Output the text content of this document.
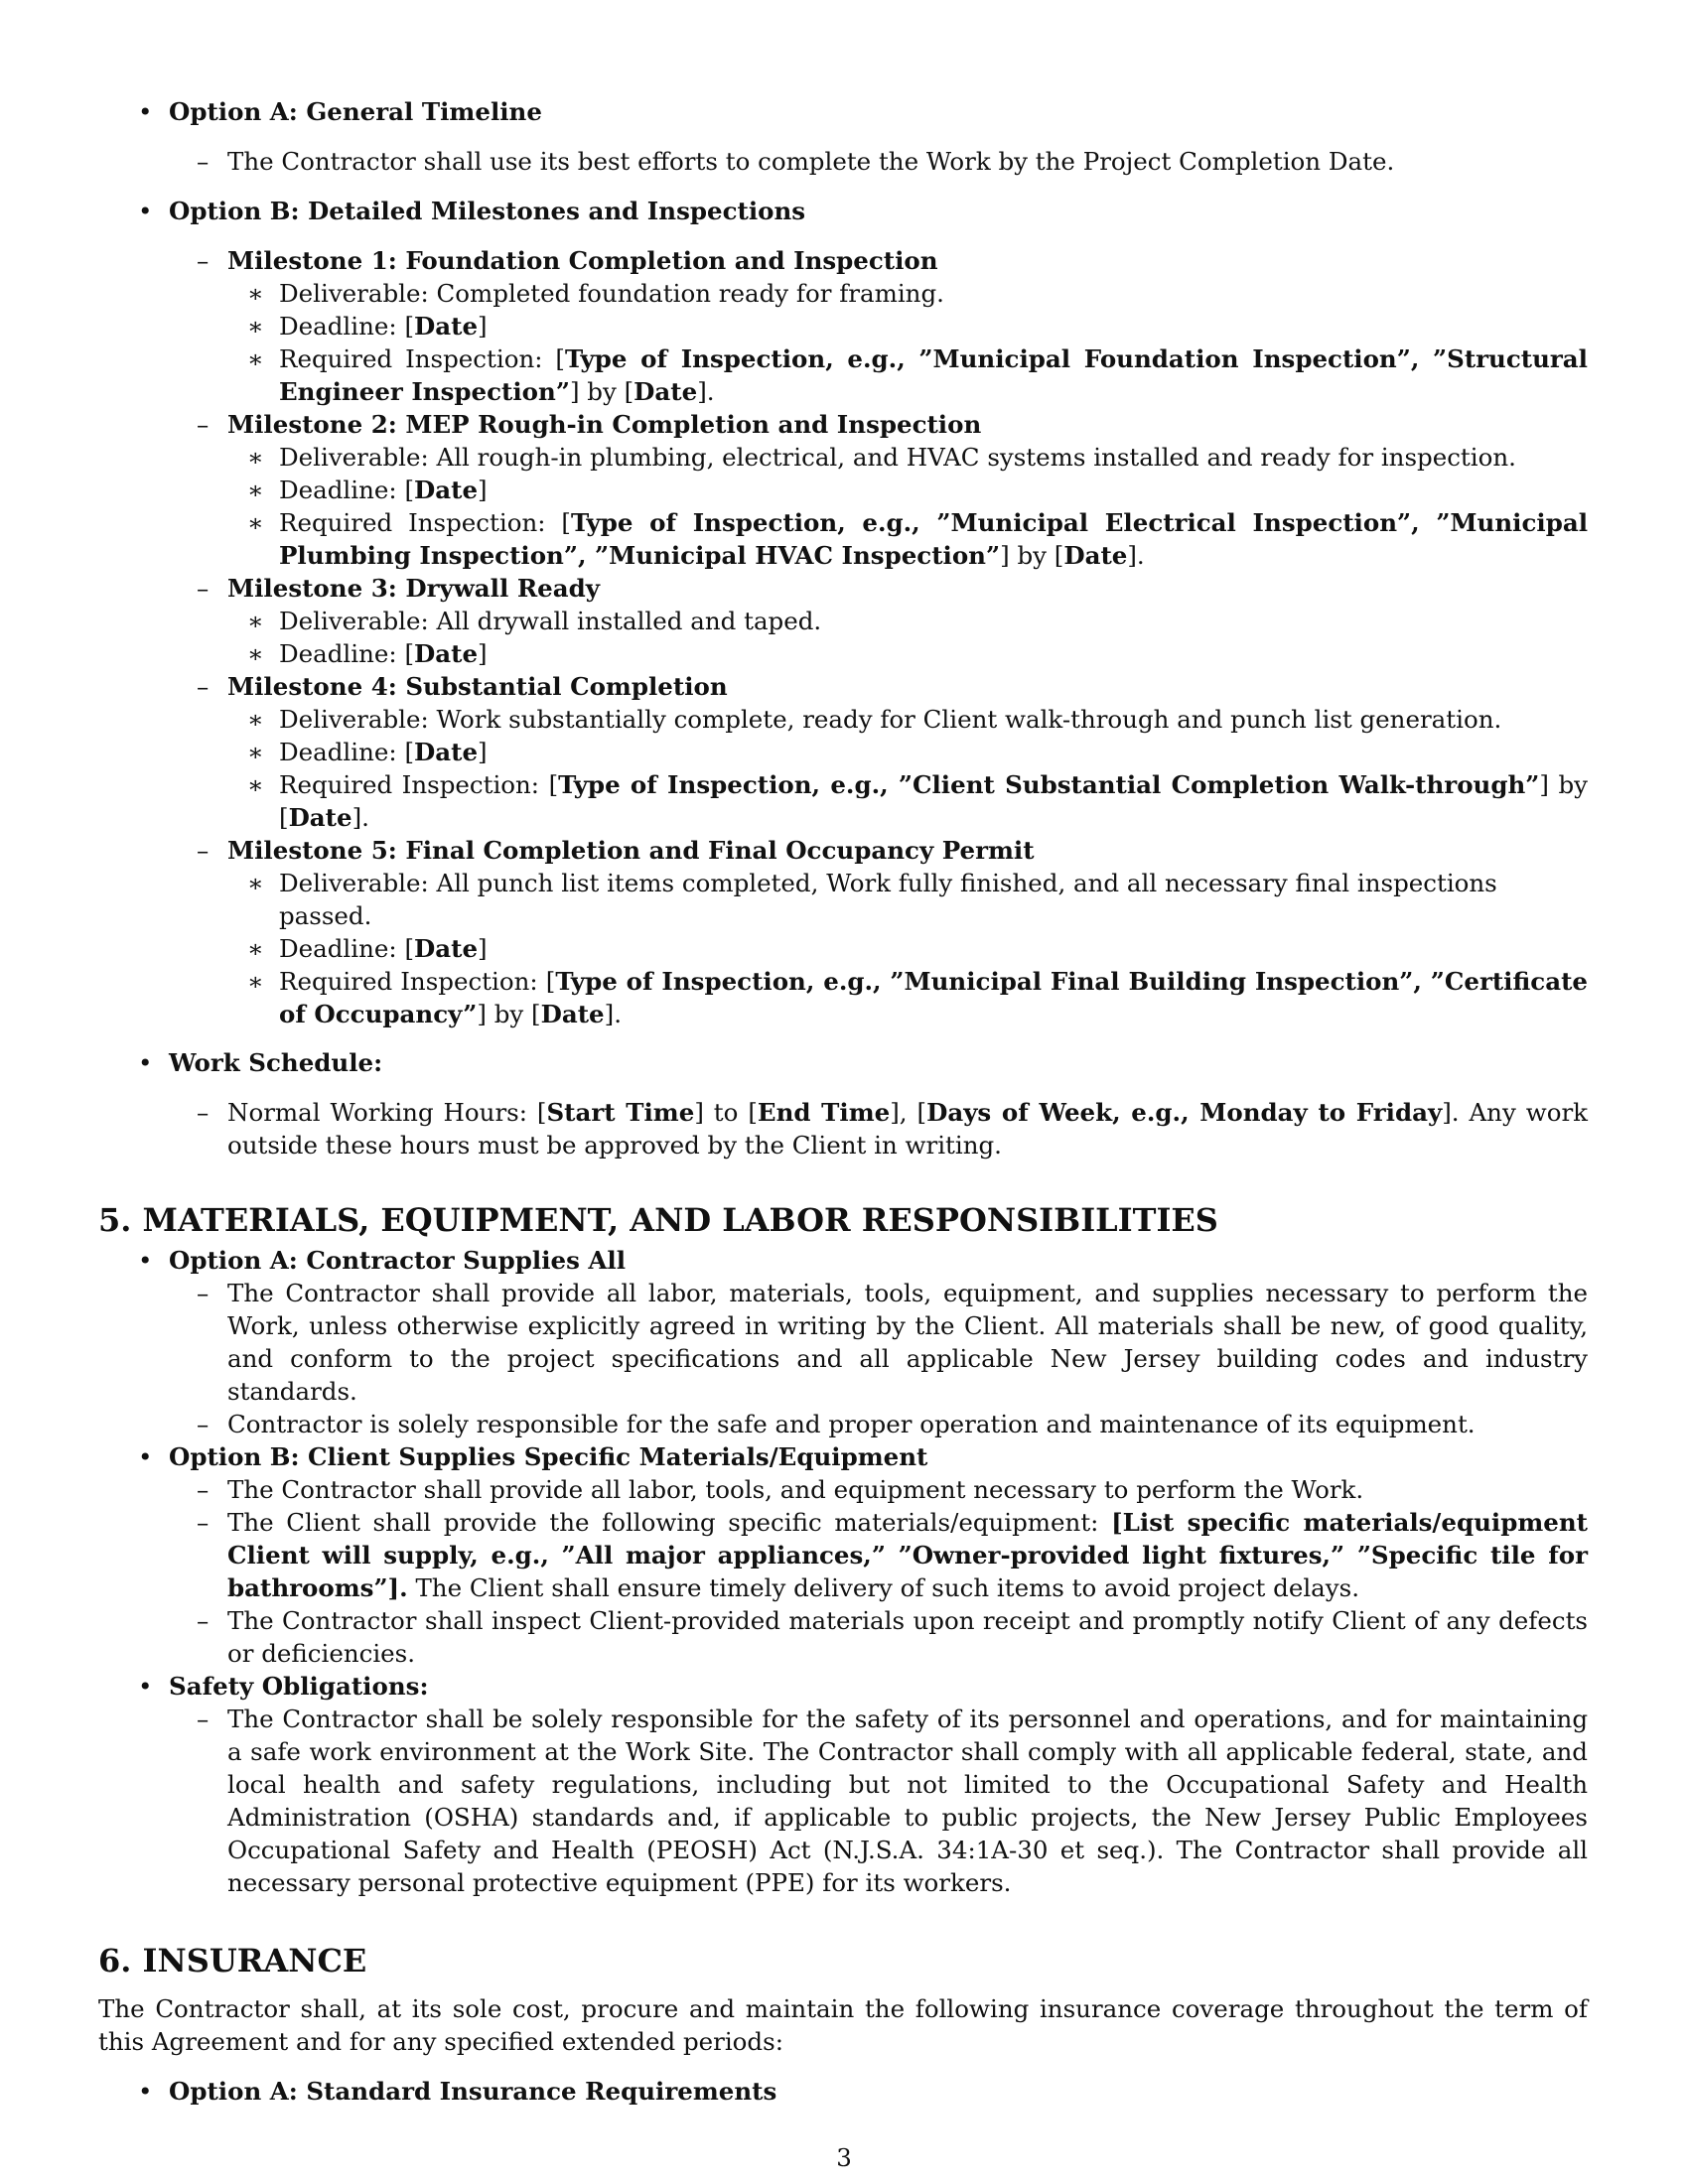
• Option A: General Timeline
– The Contractor shall use its best efforts to complete the Work by the Project Completion Date.
• Option B: Detailed Milestones and Inspections
– Milestone 1: Foundation Completion and Inspection
∗ Deliverable: Completed foundation ready for framing.
∗ Deadline: [Date]
∗ Required Inspection: [Type of Inspection, e.g., ”Municipal Foundation Inspection”, ”Structural Engineer Inspection”] by [Date].
– Milestone 2: MEP Rough-in Completion and Inspection
∗ Deliverable: All rough-in plumbing, electrical, and HVAC systems installed and ready for inspection.
∗ Deadline: [Date]
∗ Required Inspection: [Type of Inspection, e.g., ”Municipal Electrical Inspection”, ”Municipal Plumbing Inspection”, ”Municipal HVAC Inspection”] by [Date].
– Milestone 3: Drywall Ready
∗ Deliverable: All drywall installed and taped.
∗ Deadline: [Date]
– Milestone 4: Substantial Completion
∗ Deliverable: Work substantially complete, ready for Client walk-through and punch list generation.
∗ Deadline: [Date]
∗ Required Inspection: [Type of Inspection, e.g., ”Client Substantial Completion Walk-through”] by [Date].
– Milestone 5: Final Completion and Final Occupancy Permit
∗ Deliverable: All punch list items completed, Work fully finished, and all necessary final inspections passed.
∗ Deadline: [Date]
∗ Required Inspection: [Type of Inspection, e.g., ”Municipal Final Building Inspection”, ”Certificate of Occupancy”] by [Date].
• Work Schedule:
– Normal Working Hours: [Start Time] to [End Time], [Days of Week, e.g., Monday to Friday]. Any work outside these hours must be approved by the Client in writing.
5. MATERIALS, EQUIPMENT, AND LABOR RESPONSIBILITIES
• Option A: Contractor Supplies All
– The Contractor shall provide all labor, materials, tools, equipment, and supplies necessary to perform the Work, unless otherwise explicitly agreed in writing by the Client. All materials shall be new, of good quality, and conform to the project specifications and all applicable New Jersey building codes and industry standards.
– Contractor is solely responsible for the safe and proper operation and maintenance of its equipment.
• Option B: Client Supplies Specific Materials/Equipment
– The Contractor shall provide all labor, tools, and equipment necessary to perform the Work.
– The Client shall provide the following specific materials/equipment: [List specific materials/equipment Client will supply, e.g., ”All major appliances,” ”Owner-provided light fixtures,” ”Specific tile for bathrooms”]. The Client shall ensure timely delivery of such items to avoid project delays.
– The Contractor shall inspect Client-provided materials upon receipt and promptly notify Client of any defects or deficiencies.
• Safety Obligations:
– The Contractor shall be solely responsible for the safety of its personnel and operations, and for maintaining a safe work environment at the Work Site. The Contractor shall comply with all applicable federal, state, and local health and safety regulations, including but not limited to the Occupational Safety and Health Administration (OSHA) standards and, if applicable to public projects, the New Jersey Public Employees Occupational Safety and Health (PEOSH) Act (N.J.S.A. 34:1A-30 et seq.). The Contractor shall provide all necessary personal protective equipment (PPE) for its workers.
6. INSURANCE
The Contractor shall, at its sole cost, procure and maintain the following insurance coverage throughout the term of this Agreement and for any specified extended periods:
• Option A: Standard Insurance Requirements
3
